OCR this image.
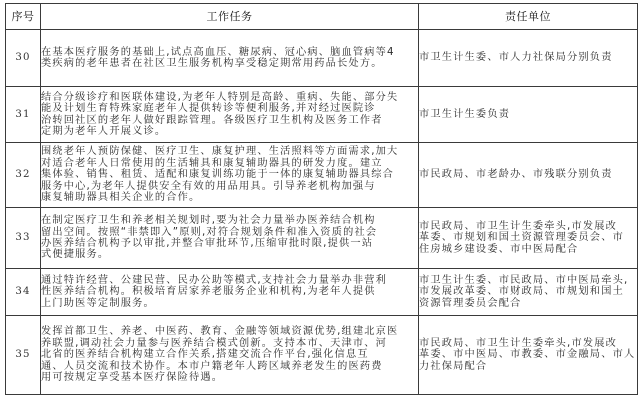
序号	工作任务	责任单位
30	在基本医疗服务的基础上,试点高血压、糖尿病、冠心病、脑血管病等4
类疾病的老年患者在社区卫生服务机构享受稳定期常用药品长处方。	市卫生计生委、市人力社保局分别负责

31	结合分级诊疗和医联体建设,为老年人特别是高龄、重病、失能、部分失
能及计划生育特殊家庭老年人提供转诊等便利服务,并对经过医院诊
治转回社区的老年人做好跟踪管理。各级医疗卫生机构及医务工作者
定期为老年人开展义诊。	市卫生计生委负责

32	围绕老年人预防保健、医疗卫生、康复护理、生活照料等方面需求,加大
对适合老年人日常使用的生活辅具和康复辅助器具的研发力度。建立
集体验、销售、租赁、适配和康复训练功能于一体的康复辅助器具综合
服务中心,为老年人提供安全有效的用品用具。引导养老机构加强与
康复辅助器具相关企业的合作。	市民政局、市老龄办、市残联分别负责

33	在制定医疗卫生和养老相关规划时,要为社会力量举办医养结合机构
留出空间。按照“非禁即入”原则,对符合规划条件和准入资质的社会
办医养结合机构予以审批,并整合审批环节,压缩审批时限,提供一站
式便捷服务。	市民政局、市卫生计生委牵头,市发展改
革委、市规划和国土资源管理委员会、市
住房城乡建设委、市中医局配合

34	通过特许经营、公建民营、民办公助等模式,支持社会力量举办非营利
性医养结合机构。积极培育居家养老服务企业和机构,为老年人提供
上门助医等定制服务。	市卫生计生委、市民政局、市中医局牵头,
市发展改革委、市财政局、市规划和国土
资源管理委员会配合

35	发挥首都卫生、养老、中医药、教育、金融等领域资源优势,组建北京医
养联盟,调动社会力量参与医养结合模式创新。支持本市、天津市、河
北省的医养结合机构建立合作关系,搭建交流合作平台,强化信息互
通、人员交流和技术协作。本市户籍老年人跨区域养老发生的医药费
用可按规定享受基本医疗保险待遇。	市民政局、市卫生计生委牵头,市发展改
革委、市中医局、市教委、市金融局、市人
力社保局配合
